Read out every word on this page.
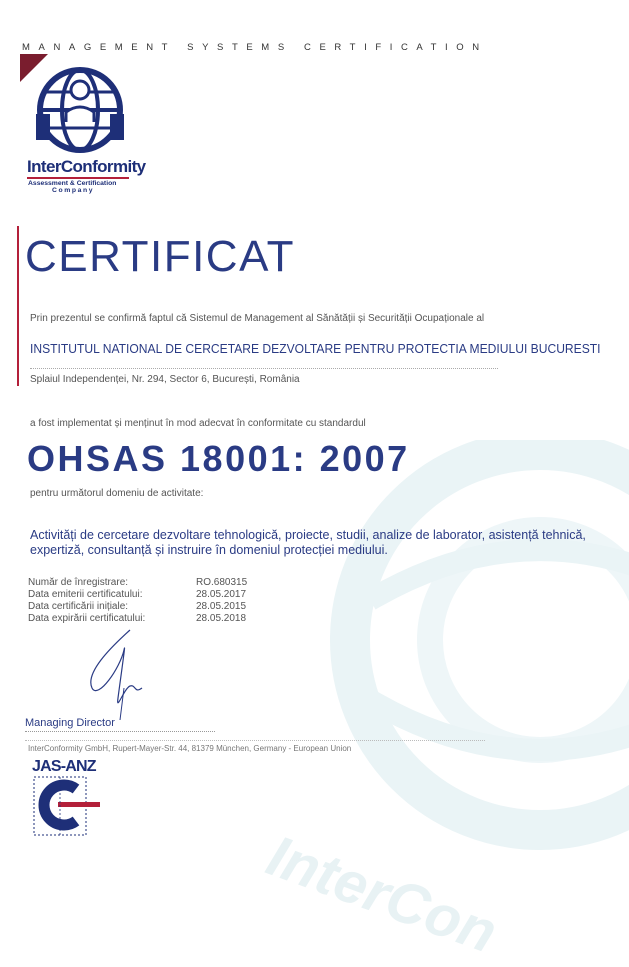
InterCon
MANAGEMENT SYSTEMS CERTIFICATION
InterConformity
Assessment & Certification
Company
CERTIFICAT
Prin prezentul se confirmă faptul că Sistemul de Management al Sănătății și Securității Ocupaționale al
INSTITUTUL NATIONAL DE CERCETARE DEZVOLTARE PENTRU PROTECTIA MEDIULUI BUCURESTI
Splaiul Independenței, Nr. 294, Sector 6, București, România
a fost implementat și menținut în mod adecvat în conformitate cu standardul
OHSAS 18001: 2007
pentru următorul domeniu de activitate:
Activități de cercetare dezvoltare tehnologică, proiecte, studii, analize de laborator, asistență tehnică, expertiză, consultanță și instruire în domeniul protecției mediului.
Număr de înregistrare:	RO.680315
Data emiterii certificatului:	28.05.2017
Data certificării inițiale:	28.05.2015
Data expirării certificatului:	28.05.2018
Managing Director
InterConformity GmbH, Rupert-Mayer-Str. 44, 81379 München, Germany - European Union
JAS-ANZ
